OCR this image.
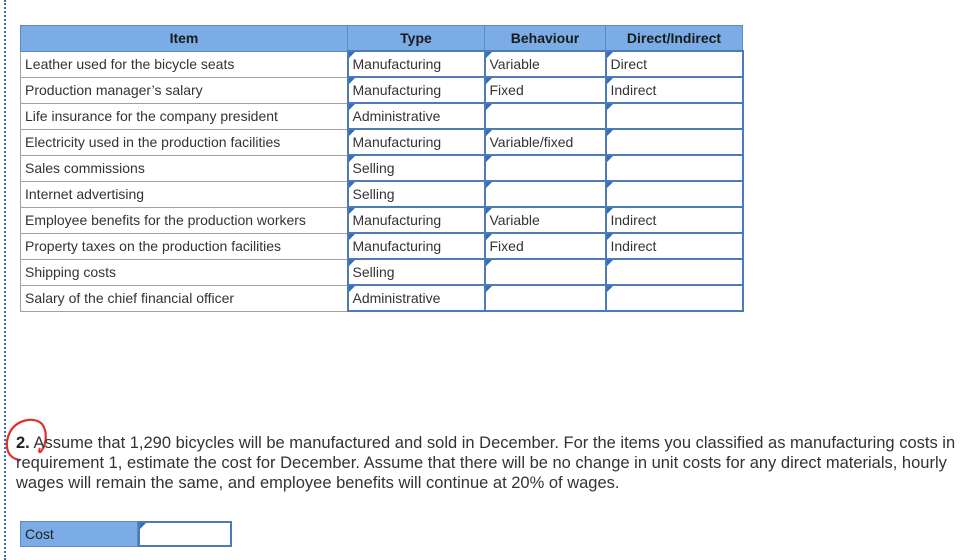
Item	Type	Behaviour	Direct/Indirect
Leather used for the bicycle seats	Manufacturing	Variable	Direct
Production manager’s salary	Manufacturing	Fixed	Indirect
Life insurance for the company president	Administrative		
Electricity used in the production facilities	Manufacturing	Variable/fixed	
Sales commissions	Selling		
Internet advertising	Selling		
Employee benefits for the production workers	Manufacturing	Variable	Indirect
Property taxes on the production facilities	Manufacturing	Fixed	Indirect
Shipping costs	Selling		
Salary of the chief financial officer	Administrative		
2. Assume that 1,290 bicycles will be manufactured and sold in December. For the items you classified as manufacturing costs in requirement 1, estimate the cost for December. Assume that there will be no change in unit costs for any direct materials, hourly wages will remain the same, and employee benefits will continue at 20% of wages.
Cost
